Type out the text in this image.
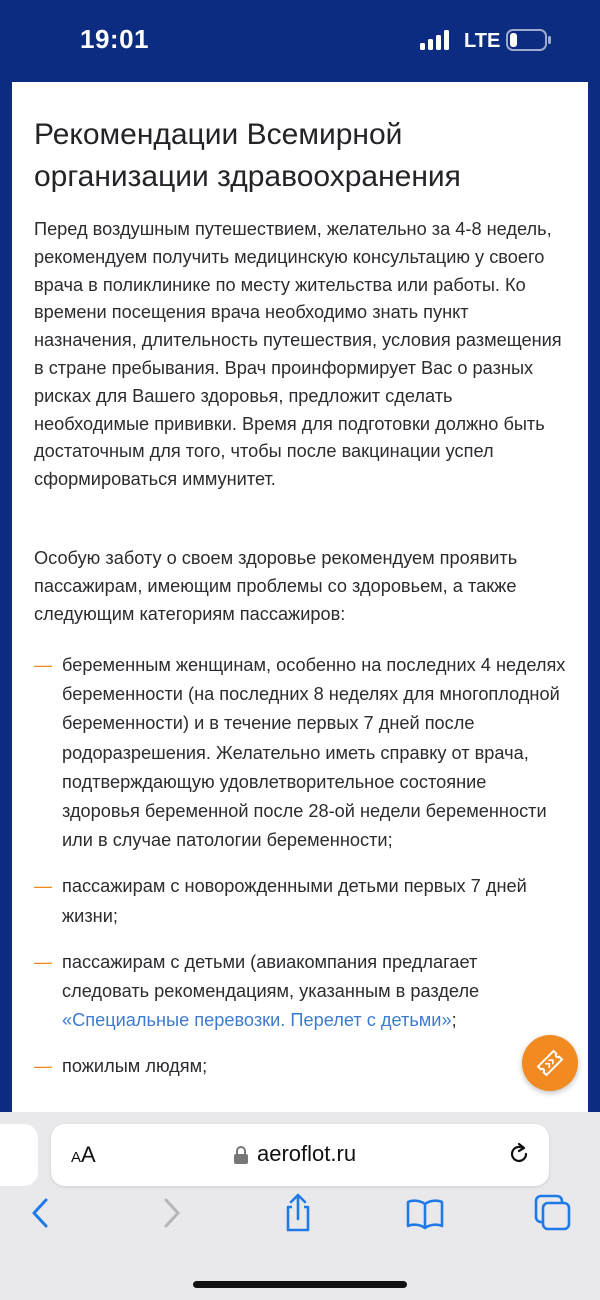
19:01	LTE
Рекомендации Всемирной организации здравоохранения

Перед воздушным путешествием, желательно за 4-8 недель, рекомендуем получить медицинскую консультацию у своего врача в поликлинике по месту жительства или работы. Ко времени посещения врача необходимо знать пункт назначения, длительность путешествия, условия размещения в стране пребывания. Врач проинформирует Вас о разных рисках для Вашего здоровья, предложит сделать необходимые прививки. Время для подготовки должно быть достаточным для того, чтобы после вакцинации успел сформироваться иммунитет.

Особую заботу о своем здоровье рекомендуем проявить пассажирам, имеющим проблемы со здоровьем, а также следующим категориям пассажиров:

— беременным женщинам, особенно на последних 4 неделях беременности (на последних 8 неделях для многоплодной беременности) и в течение первых 7 дней после родоразрешения. Желательно иметь справку от врача, подтверждающую удовлетворительное состояние здоровья беременной после 28-ой недели беременности или в случае патологии беременности;
— пассажирам с новорожденными детьми первых 7 дней жизни;
— пассажирам с детьми (авиакомпания предлагает следовать рекомендациям, указанным в разделе «Специальные перевозки. Перелет с детьми»;
— пожилым людям;
AA	aeroflot.ru
